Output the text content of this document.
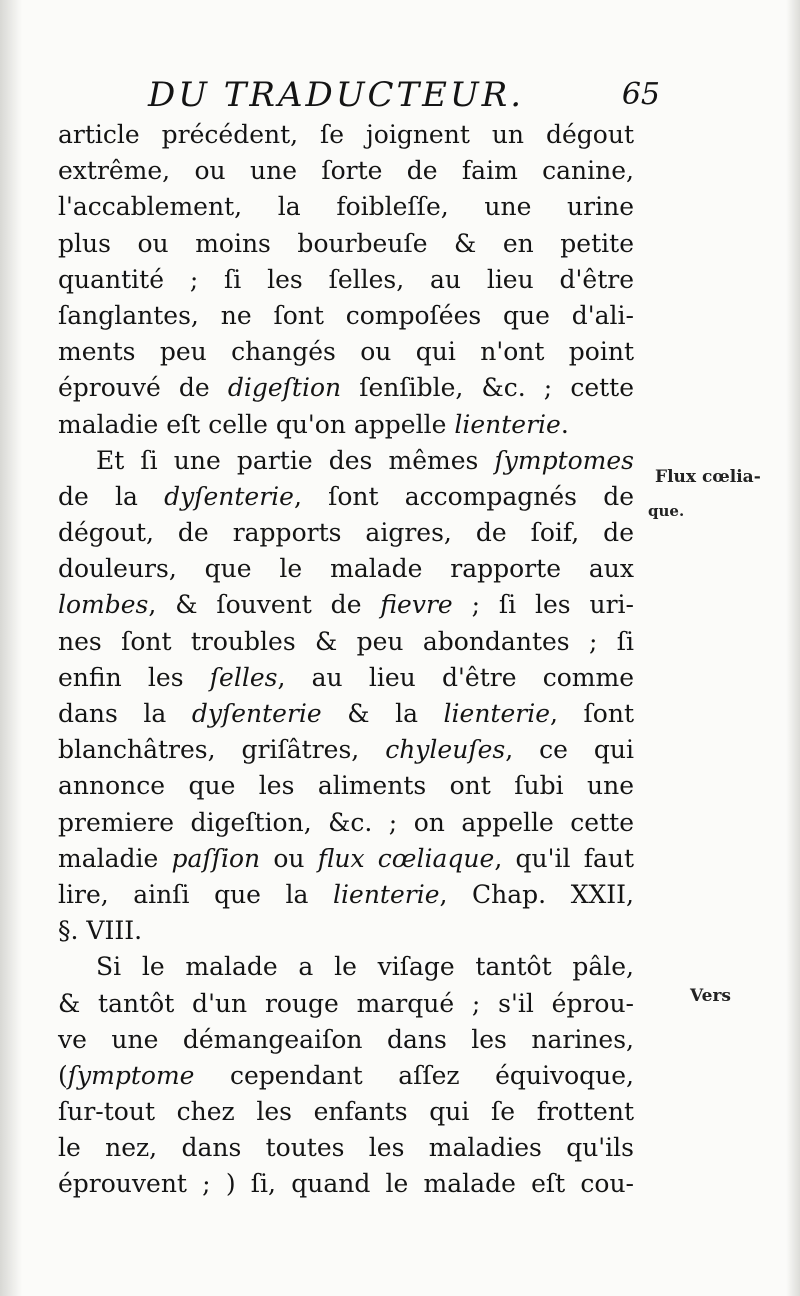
DU TRADUCTEUR.	65
article précédent, ſe joignent un dégout
extrême, ou une ſorte de faim canine,
l'accablement, la foibleſſe, une urine
plus ou moins bourbeuſe & en petite
quantité ; ſi les ſelles, au lieu d'être
ſanglantes, ne ſont compoſées que d'ali-
ments peu changés ou qui n'ont point
éprouvé de digeſtion ſenſible, &c. ; cette
maladie eſt celle qu'on appelle lienterie.
Et ſi une partie des mêmes ſymptomes
de la dyſenterie, ſont accompagnés de
dégout, de rapports aigres, de ſoif, de
douleurs, que le malade rapporte aux
lombes, & ſouvent de fievre ; ſi les uri-
nes ſont troubles & peu abondantes ; ſi
enfin les ſelles, au lieu d'être comme
dans la dyſenterie & la lienterie, ſont
blanchâtres, griſâtres, chyleuſes, ce qui
annonce que les aliments ont ſubi une
premiere digeſtion, &c. ; on appelle cette
maladie paſſion ou flux cœliaque, qu'il faut
lire, ainſi que la lienterie, Chap. XXII,
§. VIII.
Si le malade a le viſage tantôt pâle,
& tantôt d'un rouge marqué ; s'il éprou-
ve une démangeaiſon dans les narines,
(ſymptome cependant aſſez équivoque,
ſur-tout chez les enfants qui ſe frottent
le nez, dans toutes les maladies qu'ils
éprouvent ; ) ſi, quand le malade eſt cou-
Flux cœlia-
que.
Vers
